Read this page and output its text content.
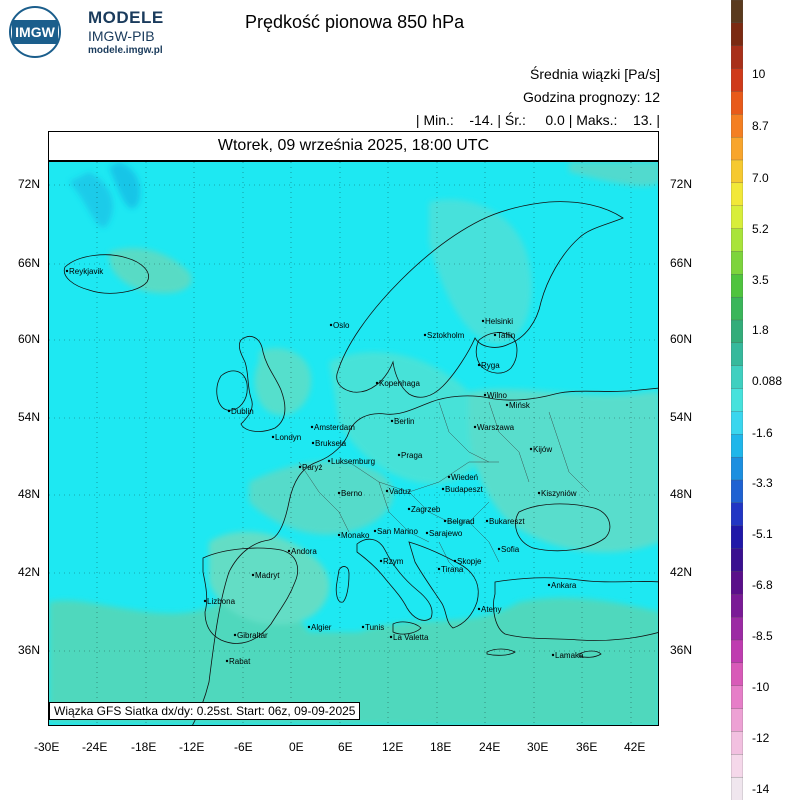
IMGW
MODELE
IMGW-PIB
modele.imgw.pl
Prędkość pionowa 850 hPa
Średnia wiązki [Pa/s]
Godzina prognozy: 12
| Min.:    -14. | Śr.:     0.0 | Maks.:    13. |
Wtorek, 09 września 2025, 18:00 UTC
Reykjavik
Oslo
Sztokholm
Helsinki
Tallin
Ryga
Kopenhaga
Wilno
Mińsk
Dublin
Londyn
Amsterdam
Bruksela
Berlin
Warszawa
Luksemburg
Paryż
Praga
Kijów
Wiedeń
Budapeszt
Berno	Vaduz	Kiszyniów
Zagrzeb
Bukareszt
Belgrad
Monako San Marino Sarajewo
Sofia
Andora
Skopje
Rzym
Tirana
Madryt
Ankara
Lizbona
Ateny
Algier	Tunis
La Valetta
Gibraltar
Rabat
Lamaka
Wiązka GFS Siatka dx/dy: 0.25st. Start: 06z, 09-09-2025
72N
66N
60N
54N
48N
42N
36N
72N
66N
60N
54N
48N
42N
36N
-30E -24E -18E -12E -6E	0E	6E 12E 18E 24E 30E 36E 42E
10
8.7
7.0
5.2
3.5
1.8
0.088
-1.6
-3.3
-5.1
-6.8
-8.5
-10
-12
-14
